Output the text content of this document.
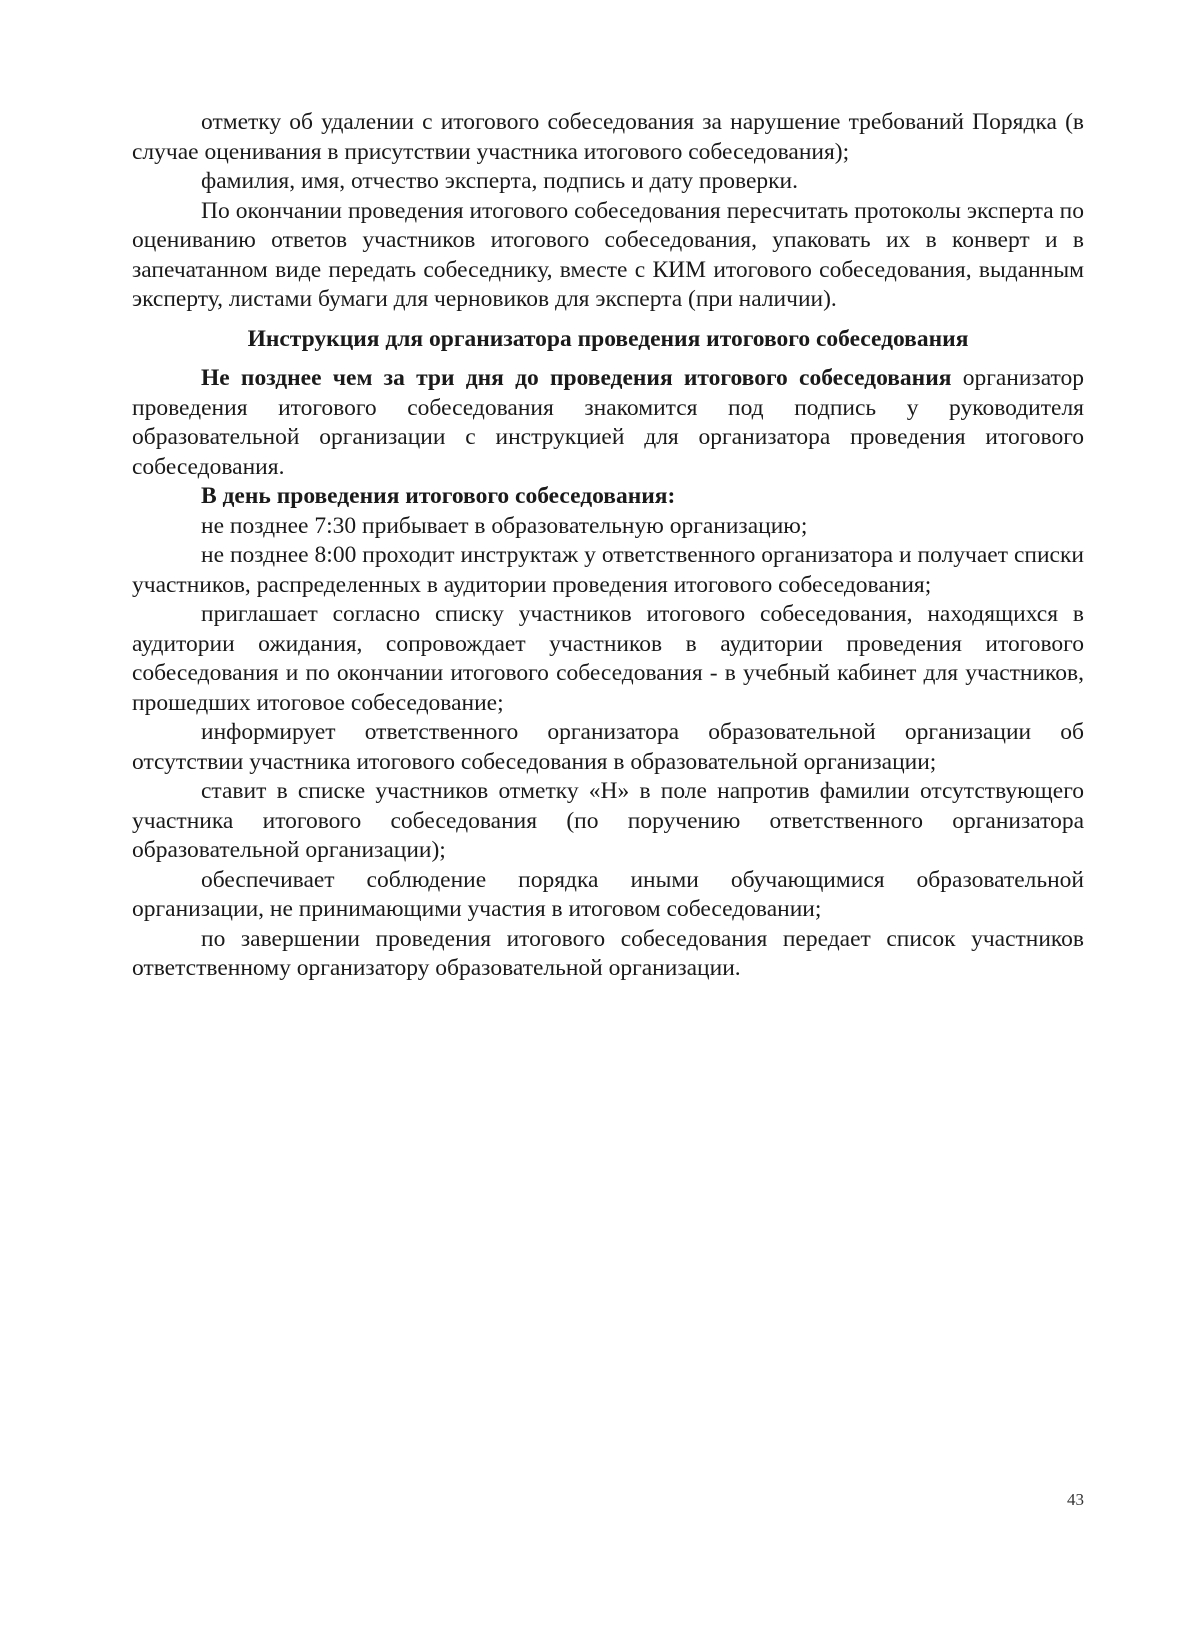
отметку об удалении с итогового собеседования за нарушение требований Порядка (в случае оценивания в присутствии участника итогового собеседования);

фамилия, имя, отчество эксперта, подпись и дату проверки.

По окончании проведения итогового собеседования пересчитать протоколы эксперта по оцениванию ответов участников итогового собеседования, упаковать их в конверт и в запечатанном виде передать собеседнику, вместе с КИМ итогового собеседования, выданным эксперту, листами бумаги для черновиков для эксперта (при наличии).

Инструкция для организатора проведения итогового собеседования

Не позднее чем за три дня до проведения итогового собеседования организатор проведения итогового собеседования знакомится под подпись у руководителя образовательной организации с инструкцией для организатора проведения итогового собеседования.

В день проведения итогового собеседования:

не позднее 7:30 прибывает в образовательную организацию;

не позднее 8:00 проходит инструктаж у ответственного организатора и получает списки участников, распределенных в аудитории проведения итогового собеседования;

приглашает согласно списку участников итогового собеседования, находящихся в аудитории ожидания, сопровождает участников в аудитории проведения итогового собеседования и по окончании итогового собеседования - в учебный кабинет для участников, прошедших итоговое собеседование;

информирует ответственного организатора образовательной организации об отсутствии участника итогового собеседования в образовательной организации;

ставит в списке участников отметку «Н» в поле напротив фамилии отсутствующего участника итогового собеседования (по поручению ответственного организатора образовательной организации);

обеспечивает соблюдение порядка иными обучающимися образовательной организации, не принимающими участия в итоговом собеседовании;

по завершении проведения итогового собеседования передает список участников ответственному организатору образовательной организации.

43
